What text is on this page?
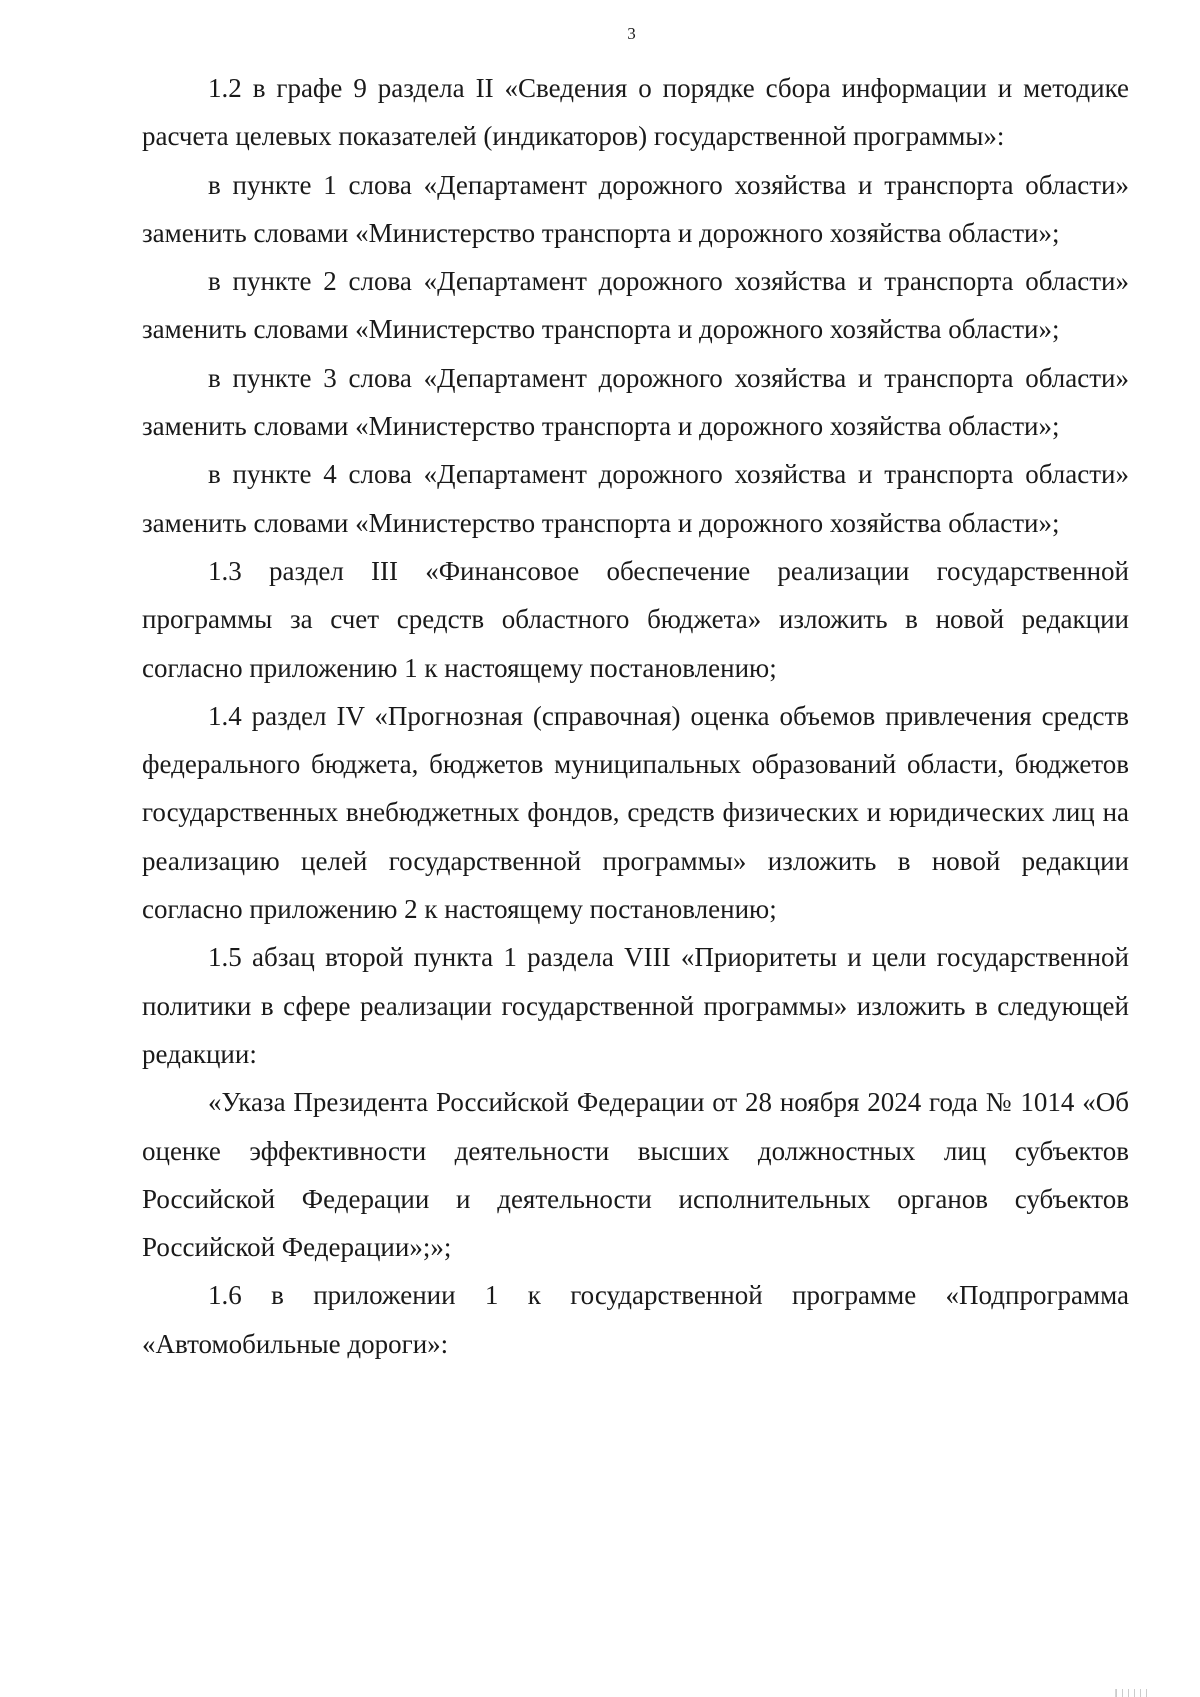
3

1.2 в графе 9 раздела II «Сведения о порядке сбора информации и методике расчета целевых показателей (индикаторов) государственной программы»:

в пункте 1 слова «Департамент дорожного хозяйства и транспорта области» заменить словами «Министерство транспорта и дорожного хозяйства области»;

в пункте 2 слова «Департамент дорожного хозяйства и транспорта области» заменить словами «Министерство транспорта и дорожного хозяйства области»;

в пункте 3 слова «Департамент дорожного хозяйства и транспорта области» заменить словами «Министерство транспорта и дорожного хозяйства области»;

в пункте 4 слова «Департамент дорожного хозяйства и транспорта области» заменить словами «Министерство транспорта и дорожного хозяйства области»;

1.3 раздел III «Финансовое обеспечение реализации государственной программы за счет средств областного бюджета» изложить в новой редакции согласно приложению 1 к настоящему постановлению;

1.4 раздел IV «Прогнозная (справочная) оценка объемов привлечения средств федерального бюджета, бюджетов муниципальных образований области, бюджетов государственных внебюджетных фондов, средств физических и юридических лиц на реализацию целей государственной программы» изложить в новой редакции согласно приложению 2 к настоящему постановлению;

1.5 абзац второй пункта 1 раздела VIII «Приоритеты и цели государственной политики в сфере реализации государственной программы» изложить в следующей редакции:

«Указа Президента Российской Федерации от 28 ноября 2024 года № 1014 «Об оценке эффективности деятельности высших должностных лиц субъектов Российской Федерации и деятельности исполнительных органов субъектов Российской Федерации»;»;

1.6 в приложении 1 к государственной программе «Подпрограмма «Автомобильные дороги»:
